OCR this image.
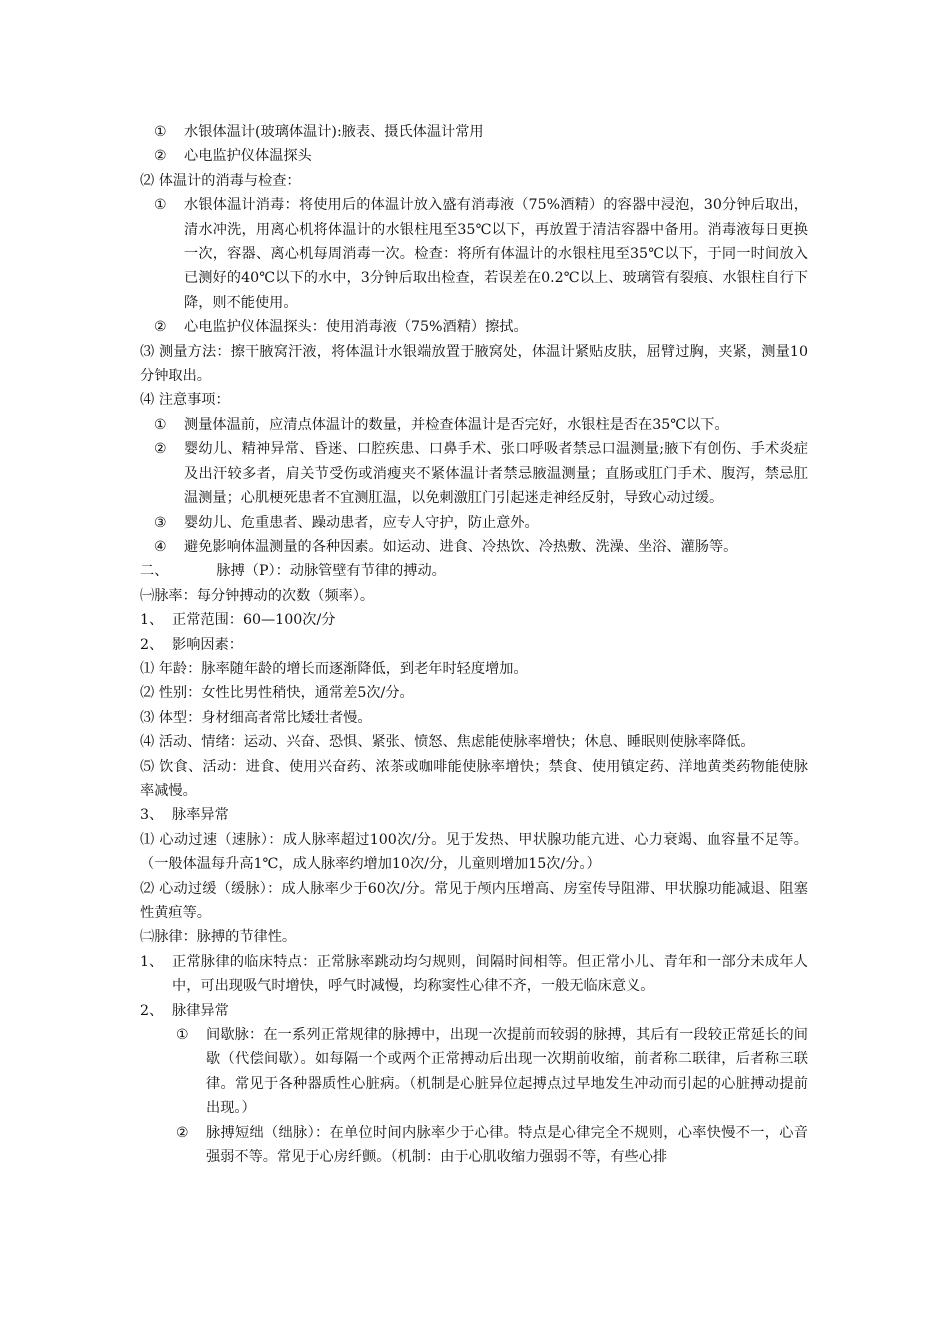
① 水银体温计(玻璃体温计):腋表、摄氏体温计常用
② 心电监护仪体温探头
⑵ 体温计的消毒与检查：
① 水银体温计消毒：将使用后的体温计放入盛有消毒液（75%酒精）的容器中浸泡，30分钟后取出，清水冲洗，用离心机将体温计的水银柱甩至35℃以下，再放置于清洁容器中备用。消毒液每日更换一次，容器、离心机每周消毒一次。检查：将所有体温计的水银柱甩至35℃以下，于同一时间放入已测好的40℃以下的水中，3分钟后取出检查，若误差在0.2℃以上、玻璃管有裂痕、水银柱自行下降，则不能使用。
② 心电监护仪体温探头：使用消毒液（75%酒精）擦拭。
⑶ 测量方法：擦干腋窝汗液，将体温计水银端放置于腋窝处，体温计紧贴皮肤，屈臂过胸，夹紧，测量10分钟取出。
⑷ 注意事项：
① 测量体温前，应清点体温计的数量，并检查体温计是否完好，水银柱是否在35℃以下。
② 婴幼儿、精神异常、昏迷、口腔疾患、口鼻手术、张口呼吸者禁忌口温测量;腋下有创伤、手术炎症及出汗较多者，肩关节受伤或消瘦夹不紧体温计者禁忌腋温测量；直肠或肛门手术、腹泻，禁忌肛温测量；心肌梗死患者不宜测肛温，以免刺激肛门引起迷走神经反射，导致心动过缓。
③ 婴幼儿、危重患者、躁动患者，应专人守护，防止意外。
④ 避免影响体温测量的各种因素。如运动、进食、冷热饮、冷热敷、洗澡、坐浴、灌肠等。
二、	脉搏（P）：动脉管壁有节律的搏动。
㈠脉率：每分钟搏动的次数（频率）。
1、 正常范围：60—100次/分
2、 影响因素：
⑴ 年龄：脉率随年龄的增长而逐渐降低，到老年时轻度增加。
⑵ 性别：女性比男性稍快，通常差5次/分。
⑶ 体型：身材细高者常比矮壮者慢。
⑷ 活动、情绪：运动、兴奋、恐惧、紧张、愤怒、焦虑能使脉率增快；休息、睡眠则使脉率降低。
⑸ 饮食、活动：进食、使用兴奋药、浓茶或咖啡能使脉率增快；禁食、使用镇定药、洋地黄类药物能使脉率减慢。
3、 脉率异常
⑴ 心动过速（速脉）：成人脉率超过100次/分。见于发热、甲状腺功能亢进、心力衰竭、血容量不足等。（一般体温每升高1℃，成人脉率约增加10次/分，儿童则增加15次/分。）
⑵ 心动过缓（缓脉）：成人脉率少于60次/分。常见于颅内压增高、房室传导阻滞、甲状腺功能减退、阻塞性黄疸等。
㈡脉律：脉搏的节律性。
1、 正常脉律的临床特点：正常脉率跳动均匀规则，间隔时间相等。但正常小儿、青年和一部分未成年人中，可出现吸气时增快，呼气时减慢，均称窦性心律不齐，一般无临床意义。
2、 脉律异常
① 间歇脉：在一系列正常规律的脉搏中，出现一次提前而较弱的脉搏，其后有一段较正常延长的间歇（代偿间歇）。如每隔一个或两个正常搏动后出现一次期前收缩，前者称二联律，后者称三联律。常见于各种器质性心脏病。（机制是心脏异位起搏点过早地发生冲动而引起的心脏搏动提前出现。）
② 脉搏短绌（绌脉）：在单位时间内脉率少于心律。特点是心律完全不规则，心率快慢不一，心音强弱不等。常见于心房纤颤。（机制：由于心肌收缩力强弱不等，有些心排
